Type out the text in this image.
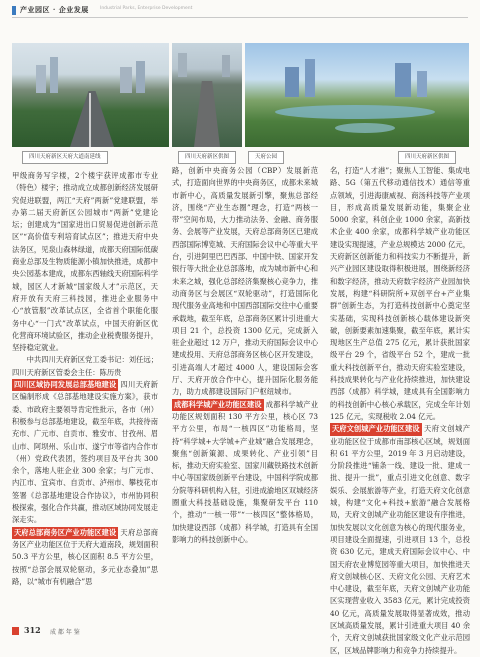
产业园区 · 企业发展 Industrial Parks, Enterprise Development
四川天府新区天府大道南延线	四川天府新区供图	天府公园	四川天府新区供图

甲级商务写字楼，2个楼宇获评成都市专业（特色）楼宇；推动成立成都创新经济发展研究促进联盟，两江“天府”两新”党建联盟，举办第二届天府新区公园城市“两新”党建论坛；创建成为“国家进出口贸易促进创新示范区”“高价值专利培育试点区”；推进天府中央法务区，见泉山森林绿道，成都天府国际低碳商业总部及生物质能源小镇加快推进，成都中央公园基本建成，成都东西轴线天府国际科学城，园区人才新城“国家级人才”示范区，天府开放有天府三科技园，推进企业服务中心“放管服”改革试点区，全省首个职能化服务中心“一门式”改革试点，中国天府新区优化营商环境试验区，推动企业税费服务提升，坚持稳定就业。

中共四川天府新区党工委书记：刘任远；四川天府新区管委会主任：陈历贵

四川区域协同发展总部基地建设 四川天府新区编制形成《总部基地建设实施方案》，获市委、市政府主要领导肯定性批示，各市（州）积极参与总部基地建设，截至年底，共接待南充市、广元市、自贡市、雅安市、甘孜州、眉山市、阿坝州、乐山市、遂宁市等省内合作市（州）党政代表团，签约项目及平台共 300 余个，落地人驻企业 300 余家；与广元市、内江市、宜宾市、自贡市、泸州市、攀枝花市签署《总部基地建设合作协议》，市州协同积极探索，强化合作共赢，推动区域协同发展走深走实。

天府总部商务区产业功能区建设 天府总部商务区产业功能区位于天府大道南段，规划面积 50.3 平方公里，核心区面积 8.5 平方公里，按照“总部会展双轮驱动，多元业态叠加”思路，以“城市有机融合”思

路，创新中央商务公园（CBP）发展新范式，打造面向世界的中央商务区，成都未来城市新中心，高质量发展新引擎，聚焦总部经济，围绕“产业生态圈”理念，打造“两核一带”空间布局，大力推动法务、金融、商务服务、会展等产业发展，天府总部商务区已建成西部国际博览城、天府国际会议中心等重大平台，引进阿里巴巴西部、中国中铁、国家开发银行等大批企业总部落地，成为城市新中心和未来之城，强化总部经济集聚核心竞争力，推动商务区与会展区“双轮驱动”，打造国际化现代服务业高地和中国西部国际交往中心重要承载地，截至年底，总部商务区累计引进重大项目 21 个，总投资 1300 亿元，完成新入驻企业超过 12 万户，推动天府国际会议中心建成投用、天府总部商务区核心区开发建设，引进高端人才超过 4000 人，建设国际会客厅、天府开放合作中心，提升国际化服务能力，助力成都建设国际门户枢纽城市。

成都科学城产业功能区建设 成都科学城产业功能区规划面积 130 平方公里，核心区 73 平方公里，布局“一核四区”功能格局，坚持“科学城+大学城+产业城”融合发展理念，聚焦“创新策源、成果转化、产业引领”目标，推动天府实验室、国家川藏铁路技术创新中心等国家级创新平台建设，中国科学院成都分院等科研机构入驻，引进成渝地区双城经济圈重大科技基础设施，集聚研发平台 110 个，推动“一核一带”“一核四区”整体格局，加快建设西部（成都）科学城，打造具有全国影响力的科技创新中心。

名，打造“人才港”；聚焦人工智能、集成电路、5G（第五代移动通信技术）通信等重点领域，引进海康威视、商汤科技等产业项目，形成高质量发展新动能，集聚企业 5000 余家，科创企业 1000 余家，高新技术企业 400 余家，成都科学城产业功能区建设实现提速，产业总规模达 2000 亿元，天府新区创新能力和科技实力不断提升，新兴产业园区建设取得积极进展，围绕新经济和数字经济，推动天府数字经济产业园加快发展，构建“科研院所+双创平台+产业集群”创新生态，为打造科技创新中心奠定坚实基础，实现科技创新核心载体建设新突破，创新要素加速集聚，截至年底，累计实现地区生产总值 275 亿元，累计获批国家级平台 29 个，省级平台 52 个，建成一批重大科技创新平台，推动天府实验室建设，科技成果转化与产业化持续推进，加快建设西部（成都）科学城，建成具有全国影响力的科技创新中心核心承载区，完成全年计划 125 亿元，实现税收 2.04 亿元。

天府文创城产业功能区建设 天府文创城产业功能区位于成都市南部核心区域，规划面积 61 平方公里，2019 年 3 月启动建设，分阶段推进“铺条一线、建设一批、建成一批、提升一批”，重点引进文化创意、数字娱乐、会展旅游等产业，打造天府文化创意城，构建“文化+科技+旅游”融合发展格局，天府文创城产业功能区建设有序推进，加快发展以文化创意为核心的现代服务业，项目建设全面提速，引进项目 13 个，总投资 630 亿元，建成天府国际会议中心、中国天府农业博览园等重大项目，加快推进天府文创城核心区、天府文化公园、天府艺术中心建设，截至年底，天府文创城产业功能区实现营业收入 3583 亿元，累计完成投资 40 亿元，高质量发展取得显著成效，推动区域高质量发展，累计引进重大项目 40 余个，天府文创城获批国家级文化产业示范园区，区域品牌影响力和竞争力持续提升。

312 成 都 年 鉴
